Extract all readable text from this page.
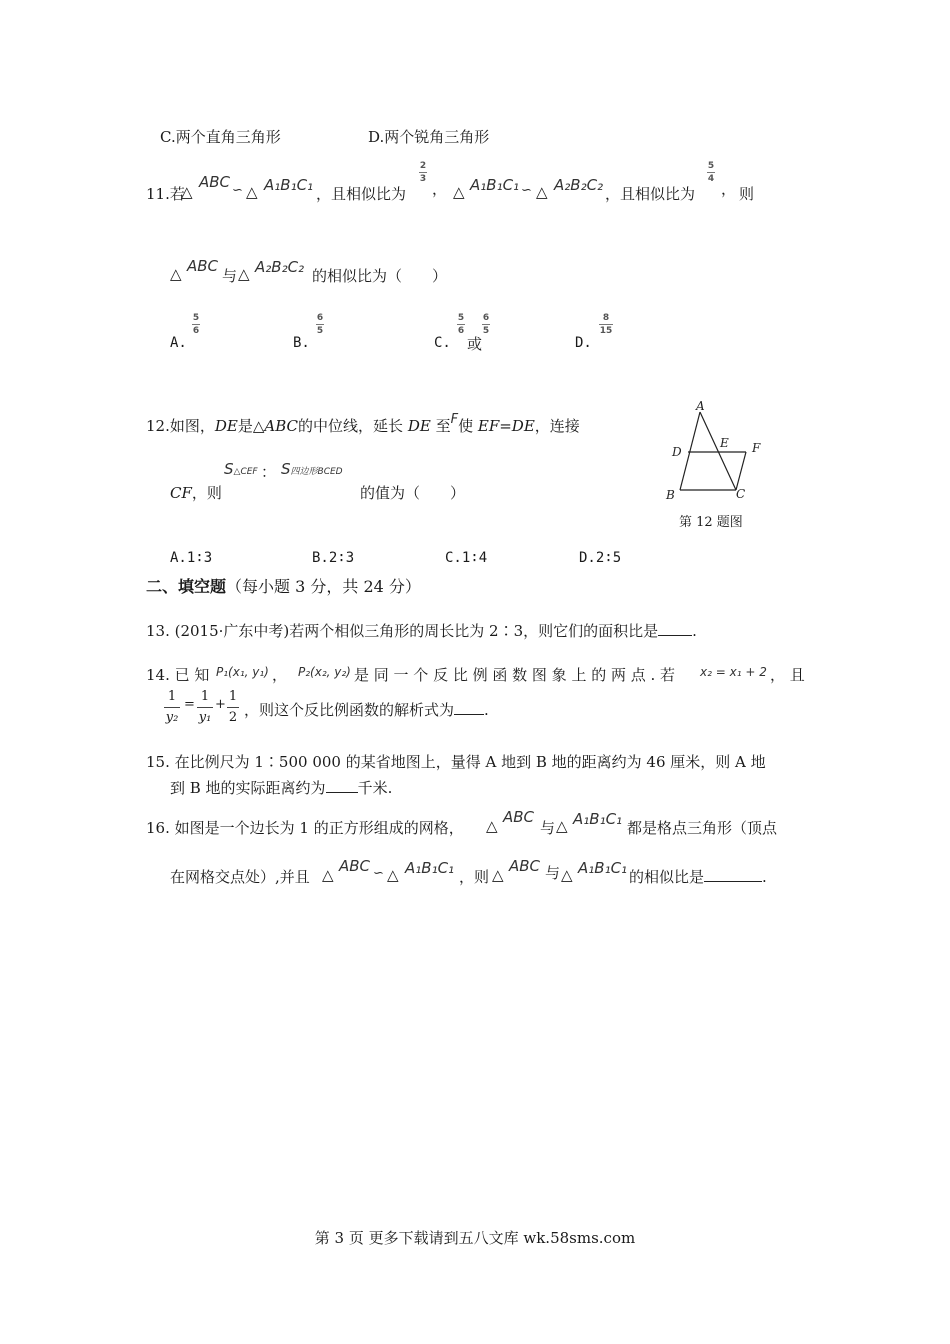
C.两个直角三角形	D.两个锐角三角形
11.若
△
ABC ∽ △ A₁B₁C₁ ，且相似比为
2
3
， △ A₁B₁C₁ ∽ △ A₂B₂C₂ ，且相似比为
5
4
， 则
△ ABC
与 △ A₂B₂C₂ 的相似比为（　　）
A.
5
6
B.
6
5
C.
5
6
或
6
5
D.
8
15
12.如图，DE是△ABC的中位线，延长 DE 至F使 EF=DE，连接
CF，则
S△CEF ： S四边形BCED
的值为（　　）
A
D
E F
B	C
第 12 题图
A.1∶3	B.2∶3	C.1∶4	D.2∶5
二、填空题（每小题 3 分，共 24 分）
13. (2015·广东中考)若两个相似三角形的周长比为 2∶3，则它们的面积比是 .
14. 已 知 P₁(x₁, y₁) ， P₂(x₂, y₂) 是 同 一 个 反 比 例 函 数 图 象 上 的 两 点 . 若 x₂ = x₁ + 2 ， 且
1
y₂
=
1
y₁
+
1
2 ，则这个反比例函数的解析式为 .
15. 在比例尺为 1∶500 000 的某省地图上，量得 A 地到 B 地的距离约为 46 厘米，则 A 地
到 B 地的实际距离约为 千米.
16. 如图是一个边长为 1 的正方形组成的网格， △ ABC
与 △ A₁B₁C₁ 都是格点三角形（顶点
在网格交点处）,并且 △ ABC ∽ △ A₁B₁C₁ ，则 △ ABC 与 △ A₁B₁C₁ 的相似比是	.
第 3 页 更多下载请到五八文库 wk.58sms.com
